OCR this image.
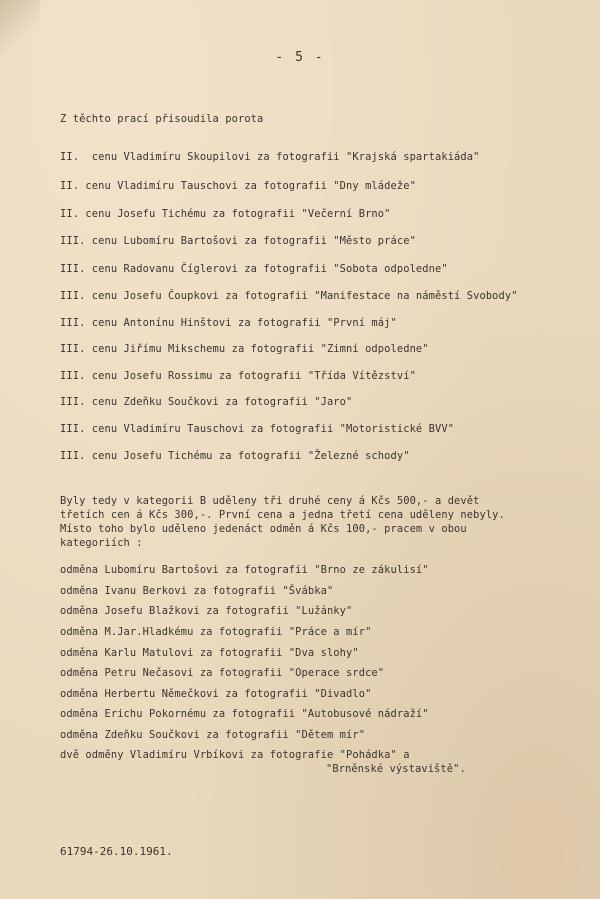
- 5 -
Z těchto prací přisoudila porota
II.  cenu Vladimíru Skoupilovi za fotografii "Krajská spartakiáda"
II. cenu Vladimíru Tauschovi za fotografii "Dny mládeže"
II. cenu Josefu Tichému za fotografii "Večerní Brno"
III. cenu Lubomíru Bartošovi za fotografii "Město práce"
III. cenu Radovanu Číglerovi za fotografii "Sobota odpoledne"
III. cenu Josefu Čoupkovi za fotografii "Manifestace na náměstí Svobody"
III. cenu Antonínu Hinštovi za fotografii "První máj"
III. cenu Jiřímu Mikschemu za fotografii "Zimní odpoledne"
III. cenu Josefu Rossimu za fotografii "Třída Vítězství"
III. cenu Zdeňku Součkovi za fotografii "Jaro"
III. cenu Vladimíru Tauschovi za fotografii "Motoristické BVV"
III. cenu Josefu Tichému za fotografii "Železné schody"
Byly tedy v kategorii B uděleny tři druhé ceny á Kčs 500,- a devět
třetích cen á Kčs 300,-. První cena a jedna třetí cena uděleny nebyly.
Místo toho bylo uděleno jedenáct odměn á Kčs 100,- pracem v obou
kategoriích :
odměna Lubomíru Bartošovi za fotografii "Brno ze zákulisí"
odměna Ivanu Berkovi za fotografii "Švábka"
odměna Josefu Blažkovi za fotografii "Lužánky"
odměna M.Jar.Hladkému za fotografii "Práce a mír"
odměna Karlu Matulovi za fotografii "Dva slohy"
odměna Petru Nečasovi za fotografii "Operace srdce"
odměna Herbertu Němečkovi za fotografii "Divadlo"
odměna Erichu Pokornému za fotografii "Autobusové nádraží"
odměna Zdeňku Součkovi za fotografii "Dětem mír"
dvě odměny Vladimíru Vrbíkovi za fotografie "Pohádka" a
"Brněnské výstaviště".
61794-26.10.1961.
